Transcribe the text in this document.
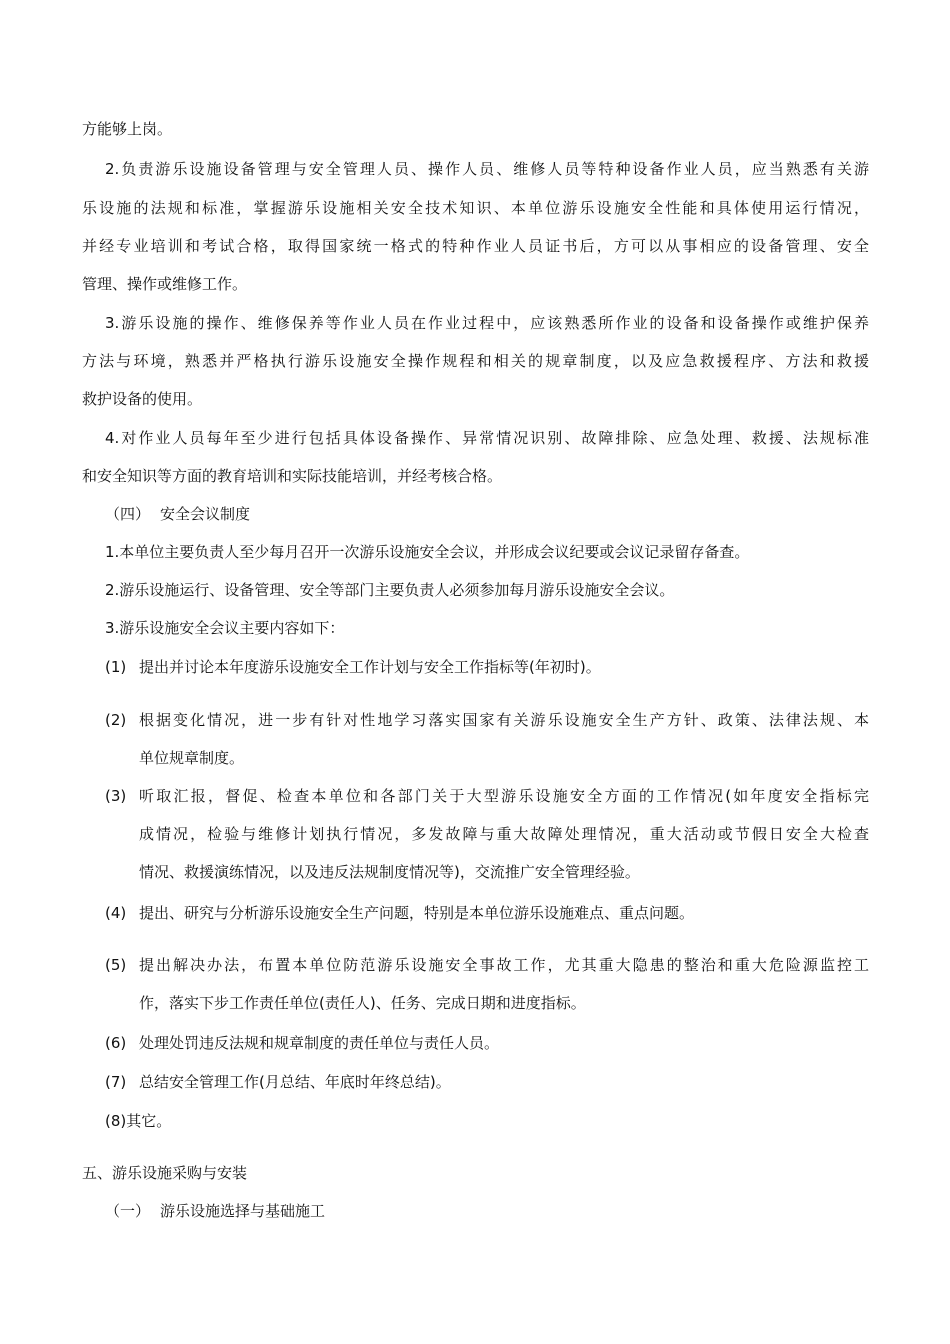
方能够上岗。
2.负责游乐设施设备管理与安全管理人员、操作人员、维修人员等特种设备作业人员，应当熟悉有关游
乐设施的法规和标准，掌握游乐设施相关安全技术知识、本单位游乐设施安全性能和具体使用运行情况，
并经专业培训和考试合格，取得国家统一格式的特种作业人员证书后，方可以从事相应的设备管理、安全
管理、操作或维修工作。
3.游乐设施的操作、维修保养等作业人员在作业过程中，应该熟悉所作业的设备和设备操作或维护保养
方法与环境，熟悉并严格执行游乐设施安全操作规程和相关的规章制度，以及应急救援程序、方法和救援
救护设备的使用。
4.对作业人员每年至少进行包括具体设备操作、异常情况识别、故障排除、应急处理、救援、法规标准
和安全知识等方面的教育培训和实际技能培训，并经考核合格。
（四） 安全会议制度
1.本单位主要负责人至少每月召开一次游乐设施安全会议，并形成会议纪要或会议记录留存备查。
2.游乐设施运行、设备管理、安全等部门主要负责人必须参加每月游乐设施安全会议。
3.游乐设施安全会议主要内容如下：
(1) 提出并讨论本年度游乐设施安全工作计划与安全工作指标等(年初时)。
(2) 根据变化情况，进一步有针对性地学习落实国家有关游乐设施安全生产方针、政策、法律法规、本
单位规章制度。
(3) 听取汇报，督促、检查本单位和各部门关于大型游乐设施安全方面的工作情况(如年度安全指标完
成情况，检验与维修计划执行情况，多发故障与重大故障处理情况，重大活动或节假日安全大检查
情况、救援演练情况，以及违反法规制度情况等)，交流推广安全管理经验。
(4) 提出、研究与分析游乐设施安全生产问题，特别是本单位游乐设施难点、重点问题。
(5) 提出解决办法，布置本单位防范游乐设施安全事故工作，尤其重大隐患的整治和重大危险源监控工
作，落实下步工作责任单位(责任人)、任务、完成日期和进度指标。
(6) 处理处罚违反法规和规章制度的责任单位与责任人员。
(7) 总结安全管理工作(月总结、年底时年终总结)。
(8)其它。
五、游乐设施采购与安装
（一） 游乐设施选择与基础施工
